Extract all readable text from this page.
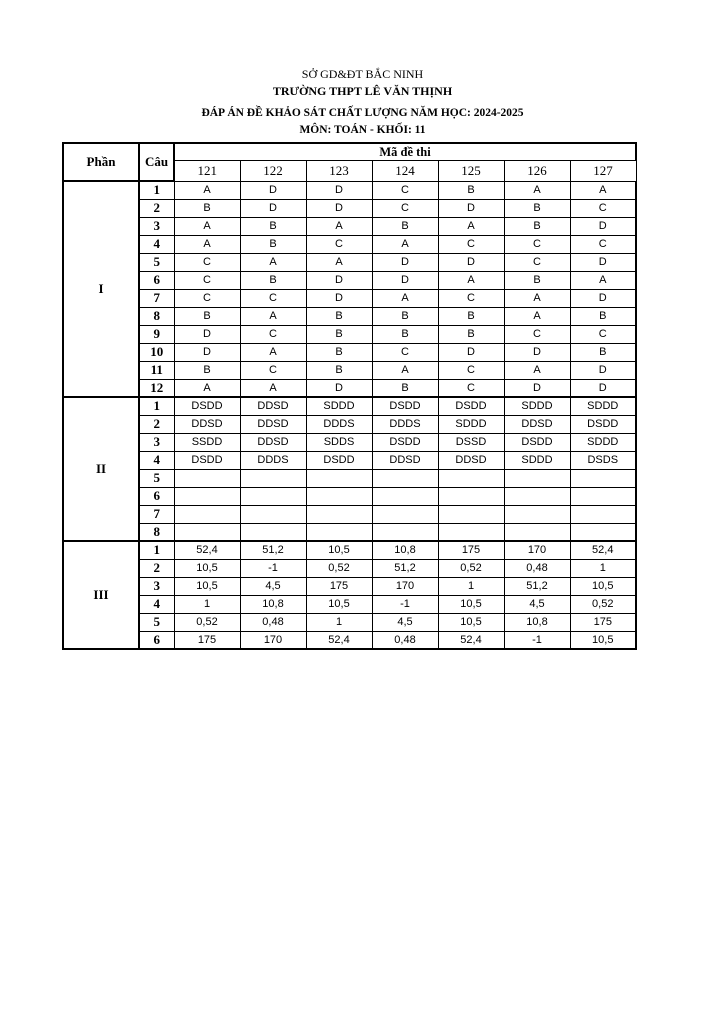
SỞ GD&ĐT BẮC NINH
TRƯỜNG THPT LÊ VĂN THỊNH
ĐÁP ÁN ĐỀ KHẢO SÁT CHẤT LƯỢNG NĂM HỌC: 2024-2025
MÔN: TOÁN - KHỐI: 11
Phần	Câu	Mã đề thi						
		121	122	123	124	125	126	127
I	1	A	D	D	C	B	A	A
	2	B	D	D	C	D	B	C
	3	A	B	A	B	A	B	D
	4	A	B	C	A	C	C	C
	5	C	A	A	D	D	C	D
	6	C	B	D	D	A	B	A
	7	C	C	D	A	C	A	D
	8	B	A	B	B	B	A	B
	9	D	C	B	B	B	C	C
	10	D	A	B	C	D	D	B
	11	B	C	B	A	C	A	D
	12	A	A	D	B	C	D	D
II	1	DSDD	DDSD	SDDD	DSDD	DSDD	SDDD	SDDD
	2	DDSD	DDSD	DDDS	DDDS	SDDD	DDSD	DSDD
	3	SSDD	DDSD	SDDS	DSDD	DSSD	DSDD	SDDD
	4	DSDD	DDDS	DSDD	DDSD	DDSD	SDDD	DSDS
	5							
	6							
	7							
	8							
III	1	52,4	51,2	10,5	10,8	175	170	52,4
	2	10,5	-1	0,52	51,2	0,52	0,48	1
	3	10,5	4,5	175	170	1	51,2	10,5
	4	1	10,8	10,5	-1	10,5	4,5	0,52
	5	0,52	0,48	1	4,5	10,5	10,8	175
	6	175	170	52,4	0,48	52,4	-1	10,5
